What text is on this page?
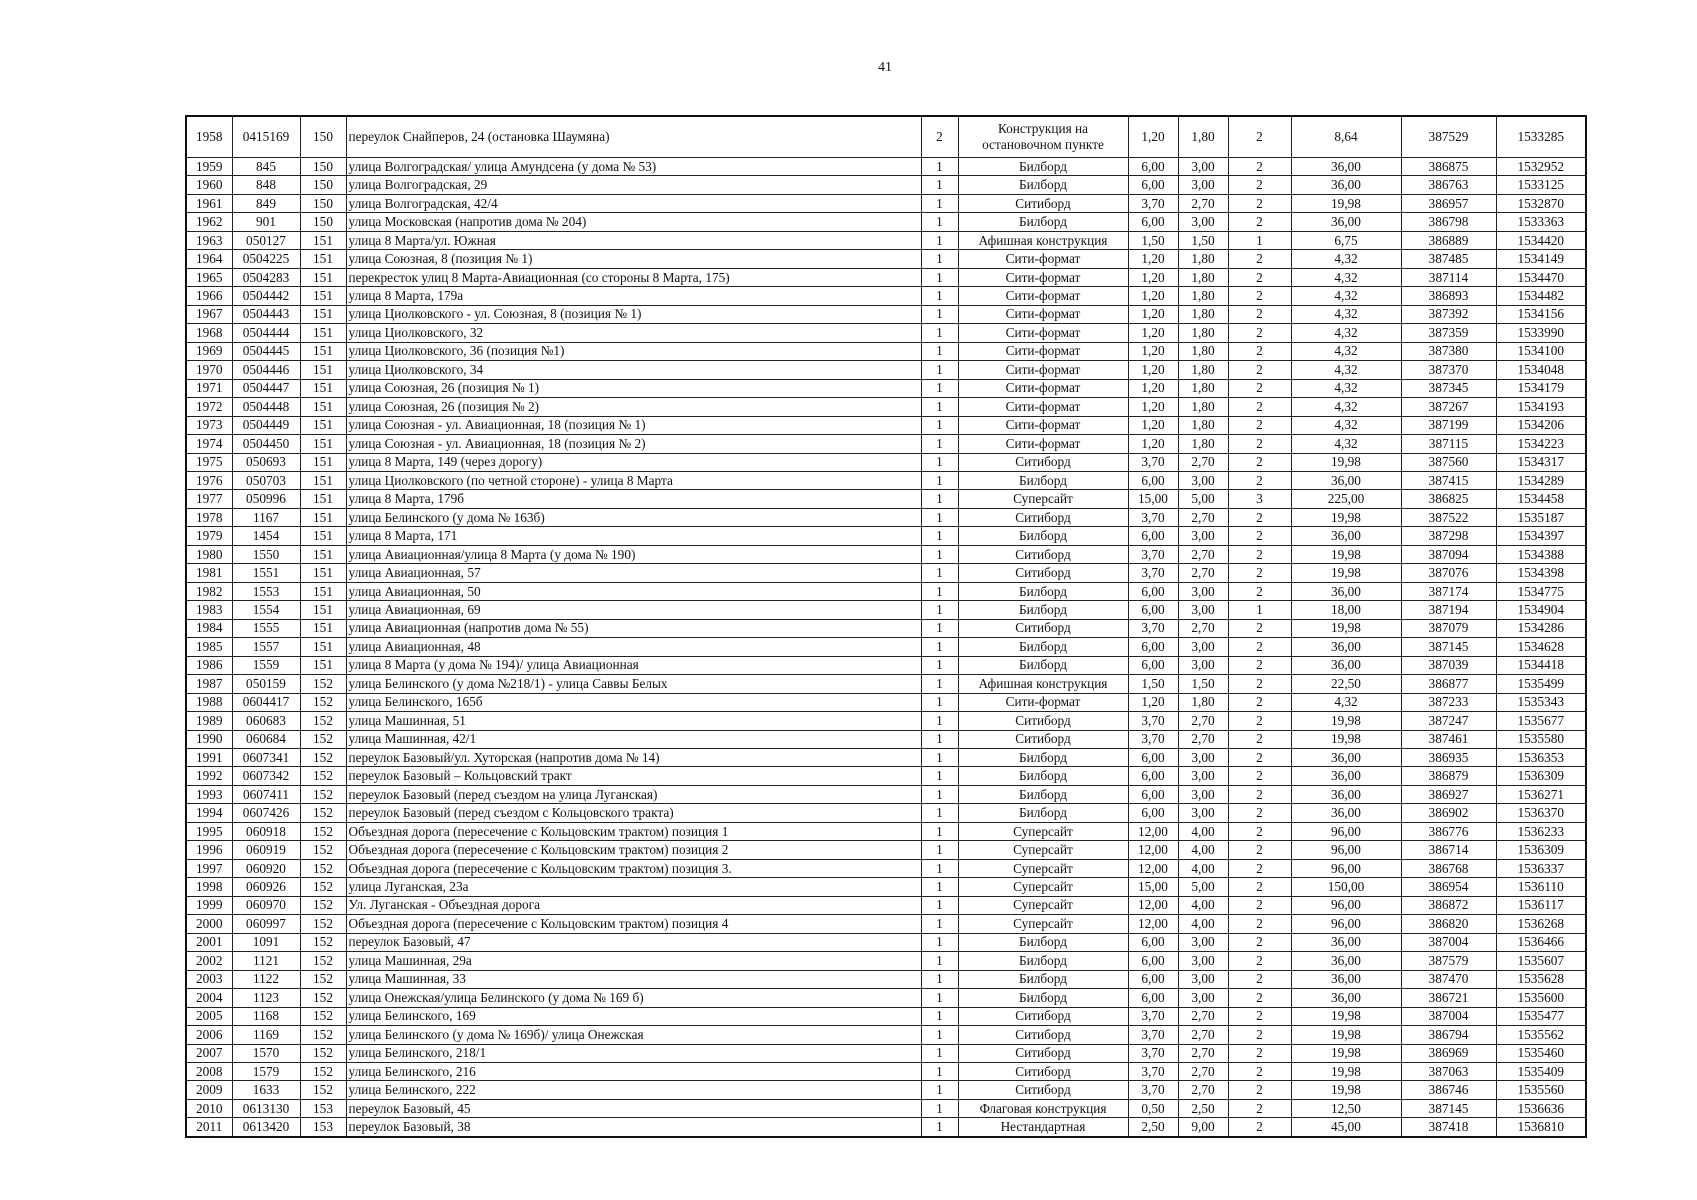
41
1958	0415169	150	переулок Снайперов, 24 (остановка Шаумяна)	2	Конструкция на остановочном пункте	1,20	1,80	2	8,64	387529	1533285
1959	845	150	улица Волгоградская/ улица Амундсена (у дома № 53)	1	Билборд	6,00	3,00	2	36,00	386875	1532952
1960	848	150	улица Волгоградская, 29	1	Билборд	6,00	3,00	2	36,00	386763	1533125
1961	849	150	улица Волгоградская, 42/4	1	Ситиборд	3,70	2,70	2	19,98	386957	1532870
1962	901	150	улица Московская (напротив дома № 204)	1	Билборд	6,00	3,00	2	36,00	386798	1533363
1963	050127	151	улица 8 Марта/ул. Южная	1	Афишная конструкция	1,50	1,50	1	6,75	386889	1534420
1964	0504225	151	улица Союзная, 8 (позиция № 1)	1	Сити-формат	1,20	1,80	2	4,32	387485	1534149
1965	0504283	151	перекресток улиц 8 Марта-Авиационная (со стороны 8 Марта, 175)	1	Сити-формат	1,20	1,80	2	4,32	387114	1534470
1966	0504442	151	улица 8 Марта, 179а	1	Сити-формат	1,20	1,80	2	4,32	386893	1534482
1967	0504443	151	улица Циолковского - ул. Союзная, 8 (позиция № 1)	1	Сити-формат	1,20	1,80	2	4,32	387392	1534156
1968	0504444	151	улица Циолковского, 32	1	Сити-формат	1,20	1,80	2	4,32	387359	1533990
1969	0504445	151	улица Циолковского, 36 (позиция №1)	1	Сити-формат	1,20	1,80	2	4,32	387380	1534100
1970	0504446	151	улица Циолковского, 34	1	Сити-формат	1,20	1,80	2	4,32	387370	1534048
1971	0504447	151	улица Союзная, 26 (позиция № 1)	1	Сити-формат	1,20	1,80	2	4,32	387345	1534179
1972	0504448	151	улица Союзная, 26 (позиция № 2)	1	Сити-формат	1,20	1,80	2	4,32	387267	1534193
1973	0504449	151	улица Союзная - ул. Авиационная, 18 (позиция № 1)	1	Сити-формат	1,20	1,80	2	4,32	387199	1534206
1974	0504450	151	улица Союзная - ул. Авиационная, 18 (позиция № 2)	1	Сити-формат	1,20	1,80	2	4,32	387115	1534223
1975	050693	151	улица 8 Марта, 149 (через дорогу)	1	Ситиборд	3,70	2,70	2	19,98	387560	1534317
1976	050703	151	улица Циолковского (по четной стороне) - улица 8 Марта	1	Билборд	6,00	3,00	2	36,00	387415	1534289
1977	050996	151	улица 8 Марта, 179б	1	Суперсайт	15,00	5,00	3	225,00	386825	1534458
1978	1167	151	улица Белинского (у дома № 163б)	1	Ситиборд	3,70	2,70	2	19,98	387522	1535187
1979	1454	151	улица 8 Марта, 171	1	Билборд	6,00	3,00	2	36,00	387298	1534397
1980	1550	151	улица Авиационная/улица 8 Марта (у дома № 190)	1	Ситиборд	3,70	2,70	2	19,98	387094	1534388
1981	1551	151	улица Авиационная, 57	1	Ситиборд	3,70	2,70	2	19,98	387076	1534398
1982	1553	151	улица Авиационная, 50	1	Билборд	6,00	3,00	2	36,00	387174	1534775
1983	1554	151	улица Авиационная, 69	1	Билборд	6,00	3,00	1	18,00	387194	1534904
1984	1555	151	улица Авиационная (напротив дома № 55)	1	Ситиборд	3,70	2,70	2	19,98	387079	1534286
1985	1557	151	улица Авиационная, 48	1	Билборд	6,00	3,00	2	36,00	387145	1534628
1986	1559	151	улица 8 Марта (у дома № 194)/ улица Авиационная	1	Билборд	6,00	3,00	2	36,00	387039	1534418
1987	050159	152	улица Белинского (у дома №218/1) - улица Саввы Белых	1	Афишная конструкция	1,50	1,50	2	22,50	386877	1535499
1988	0604417	152	улица Белинского, 165б	1	Сити-формат	1,20	1,80	2	4,32	387233	1535343
1989	060683	152	улица Машинная, 51	1	Ситиборд	3,70	2,70	2	19,98	387247	1535677
1990	060684	152	улица Машинная, 42/1	1	Ситиборд	3,70	2,70	2	19,98	387461	1535580
1991	0607341	152	переулок Базовый/ул. Хуторская (напротив дома № 14)	1	Билборд	6,00	3,00	2	36,00	386935	1536353
1992	0607342	152	переулок Базовый – Кольцовский тракт	1	Билборд	6,00	3,00	2	36,00	386879	1536309
1993	0607411	152	переулок Базовый (перед съездом на улица Луганская)	1	Билборд	6,00	3,00	2	36,00	386927	1536271
1994	0607426	152	переулок Базовый (перед съездом с Кольцовского тракта)	1	Билборд	6,00	3,00	2	36,00	386902	1536370
1995	060918	152	Объездная дорога (пересечение с Кольцовским трактом) позиция 1	1	Суперсайт	12,00	4,00	2	96,00	386776	1536233
1996	060919	152	Объездная дорога (пересечение с Кольцовским трактом) позиция 2	1	Суперсайт	12,00	4,00	2	96,00	386714	1536309
1997	060920	152	Объездная дорога (пересечение с Кольцовским трактом) позиция 3.	1	Суперсайт	12,00	4,00	2	96,00	386768	1536337
1998	060926	152	улица Луганская, 23а	1	Суперсайт	15,00	5,00	2	150,00	386954	1536110
1999	060970	152	Ул. Луганская - Объездная дорога	1	Суперсайт	12,00	4,00	2	96,00	386872	1536117
2000	060997	152	Объездная дорога (пересечение с Кольцовским трактом) позиция 4	1	Суперсайт	12,00	4,00	2	96,00	386820	1536268
2001	1091	152	переулок Базовый, 47	1	Билборд	6,00	3,00	2	36,00	387004	1536466
2002	1121	152	улица Машинная, 29а	1	Билборд	6,00	3,00	2	36,00	387579	1535607
2003	1122	152	улица Машинная, 33	1	Билборд	6,00	3,00	2	36,00	387470	1535628
2004	1123	152	улица Онежская/улица Белинского (у дома № 169 б)	1	Билборд	6,00	3,00	2	36,00	386721	1535600
2005	1168	152	улица Белинского, 169	1	Ситиборд	3,70	2,70	2	19,98	387004	1535477
2006	1169	152	улица Белинского (у дома № 169б)/ улица Онежская	1	Ситиборд	3,70	2,70	2	19,98	386794	1535562
2007	1570	152	улица Белинского, 218/1	1	Ситиборд	3,70	2,70	2	19,98	386969	1535460
2008	1579	152	улица Белинского, 216	1	Ситиборд	3,70	2,70	2	19,98	387063	1535409
2009	1633	152	улица Белинского, 222	1	Ситиборд	3,70	2,70	2	19,98	386746	1535560
2010	0613130	153	переулок Базовый, 45	1	Флаговая конструкция	0,50	2,50	2	12,50	387145	1536636
2011	0613420	153	переулок Базовый, 38	1	Нестандартная	2,50	9,00	2	45,00	387418	1536810
